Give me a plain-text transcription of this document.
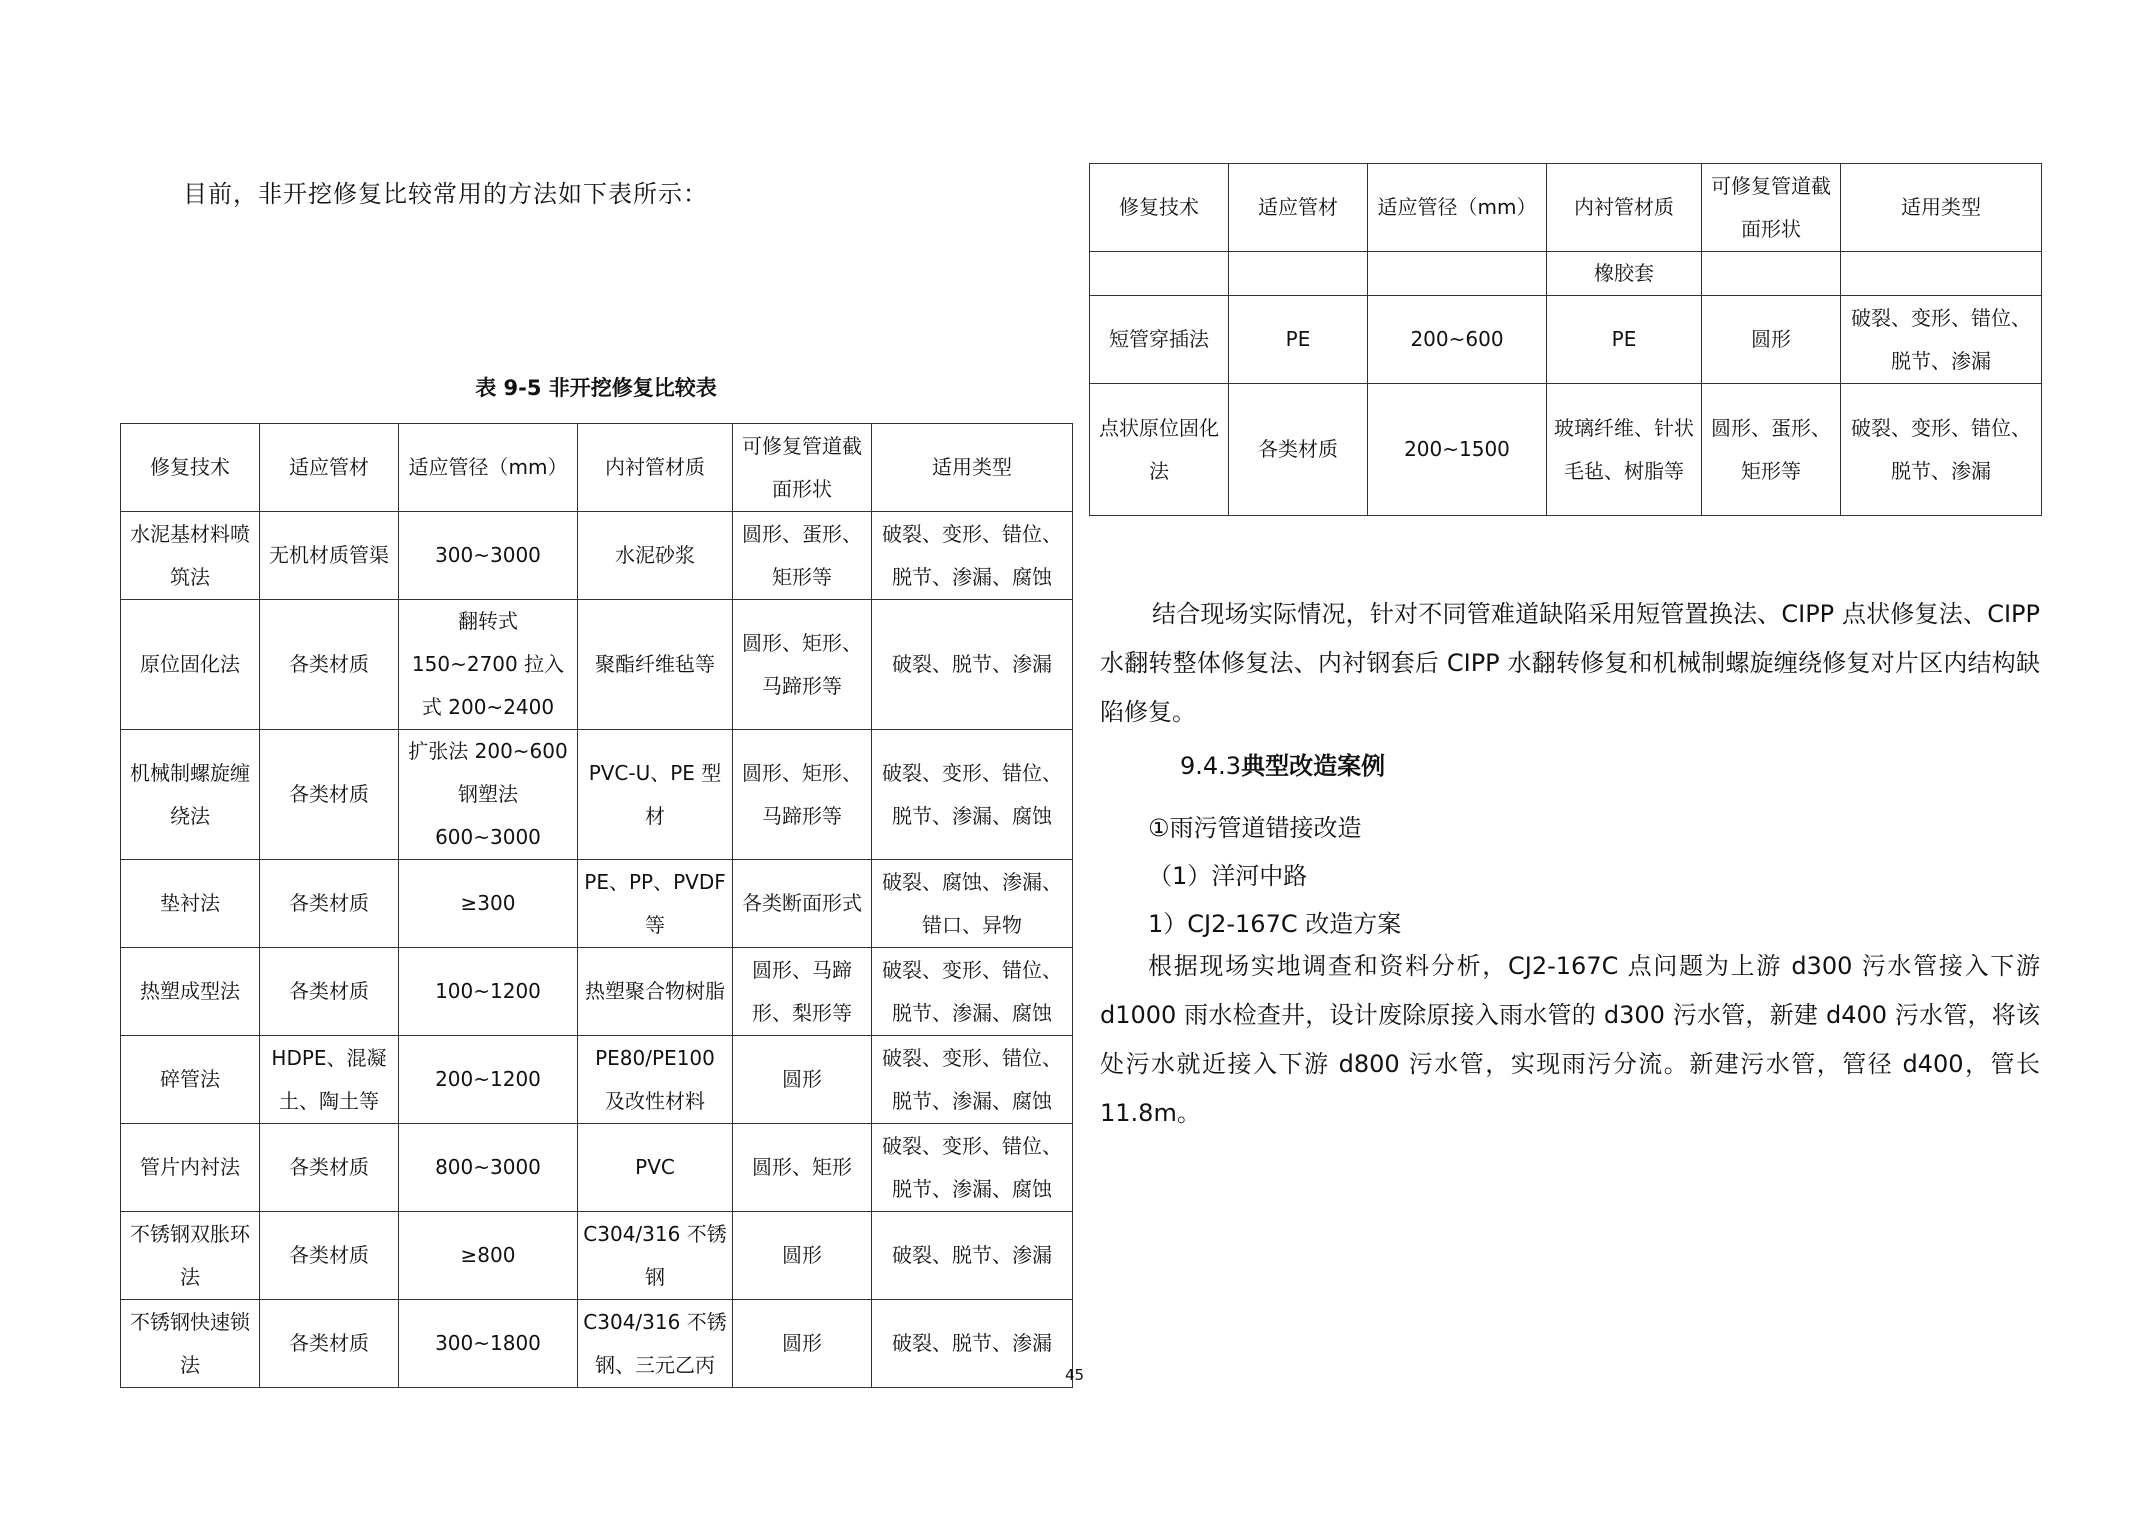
目前，非开挖修复比较常用的方法如下表所示：
表 9-5 非开挖修复比较表
修复技术	适应管材	适应管径（mm）	内衬管材质	可修复管道截面形状	适用类型
水泥基材料喷筑法	无机材质管渠	300~3000	水泥砂浆	圆形、蛋形、矩形等	破裂、变形、错位、脱节、渗漏、腐蚀
原位固化法	各类材质	翻转式 150~2700 拉入式 200~2400	聚酯纤维毡等	圆形、矩形、马蹄形等	破裂、脱节、渗漏
机械制螺旋缠绕法	各类材质	扩张法 200~600 钢塑法 600~3000	PVC-U、PE 型材	圆形、矩形、马蹄形等	破裂、变形、错位、脱节、渗漏、腐蚀
垫衬法	各类材质	≥300	PE、PP、PVDF 等	各类断面形式	破裂、腐蚀、渗漏、错口、异物
热塑成型法	各类材质	100~1200	热塑聚合物树脂	圆形、马蹄形、梨形等	破裂、变形、错位、脱节、渗漏、腐蚀
碎管法	HDPE、混凝土、陶土等	200~1200	PE80/PE100 及改性材料	圆形	破裂、变形、错位、脱节、渗漏、腐蚀
管片内衬法	各类材质	800~3000	PVC	圆形、矩形	破裂、变形、错位、脱节、渗漏、腐蚀
不锈钢双胀环法	各类材质	≥800	C304/316 不锈钢	圆形	破裂、脱节、渗漏
不锈钢快速锁法	各类材质	300~1800	C304/316 不锈钢、三元乙丙	圆形	破裂、脱节、渗漏
修复技术	适应管材	适应管径（mm）	内衬管材质	可修复管道截面形状	适用类型
			橡胶套		
短管穿插法	PE	200~600	PE	圆形	破裂、变形、错位、脱节、渗漏
点状原位固化法	各类材质	200~1500	玻璃纤维、针状毛毡、树脂等	圆形、蛋形、矩形等	破裂、变形、错位、脱节、渗漏
结合现场实际情况，针对不同管难道缺陷采用短管置换法、CIPP 点状修复法、CIPP 水翻转整体修复法、内衬钢套后 CIPP 水翻转修复和机械制螺旋缠绕修复对片区内结构缺陷修复。
9.4.3典型改造案例
①雨污管道错接改造
（1）洋河中路
1）CJ2-167C 改造方案
根据现场实地调查和资料分析，CJ2-167C 点问题为上游 d300 污水管接入下游 d1000 雨水检查井，设计废除原接入雨水管的 d300 污水管，新建 d400 污水管，将该处污水就近接入下游 d800 污水管，实现雨污分流。新建污水管，管径 d400，管长 11.8m。
45
